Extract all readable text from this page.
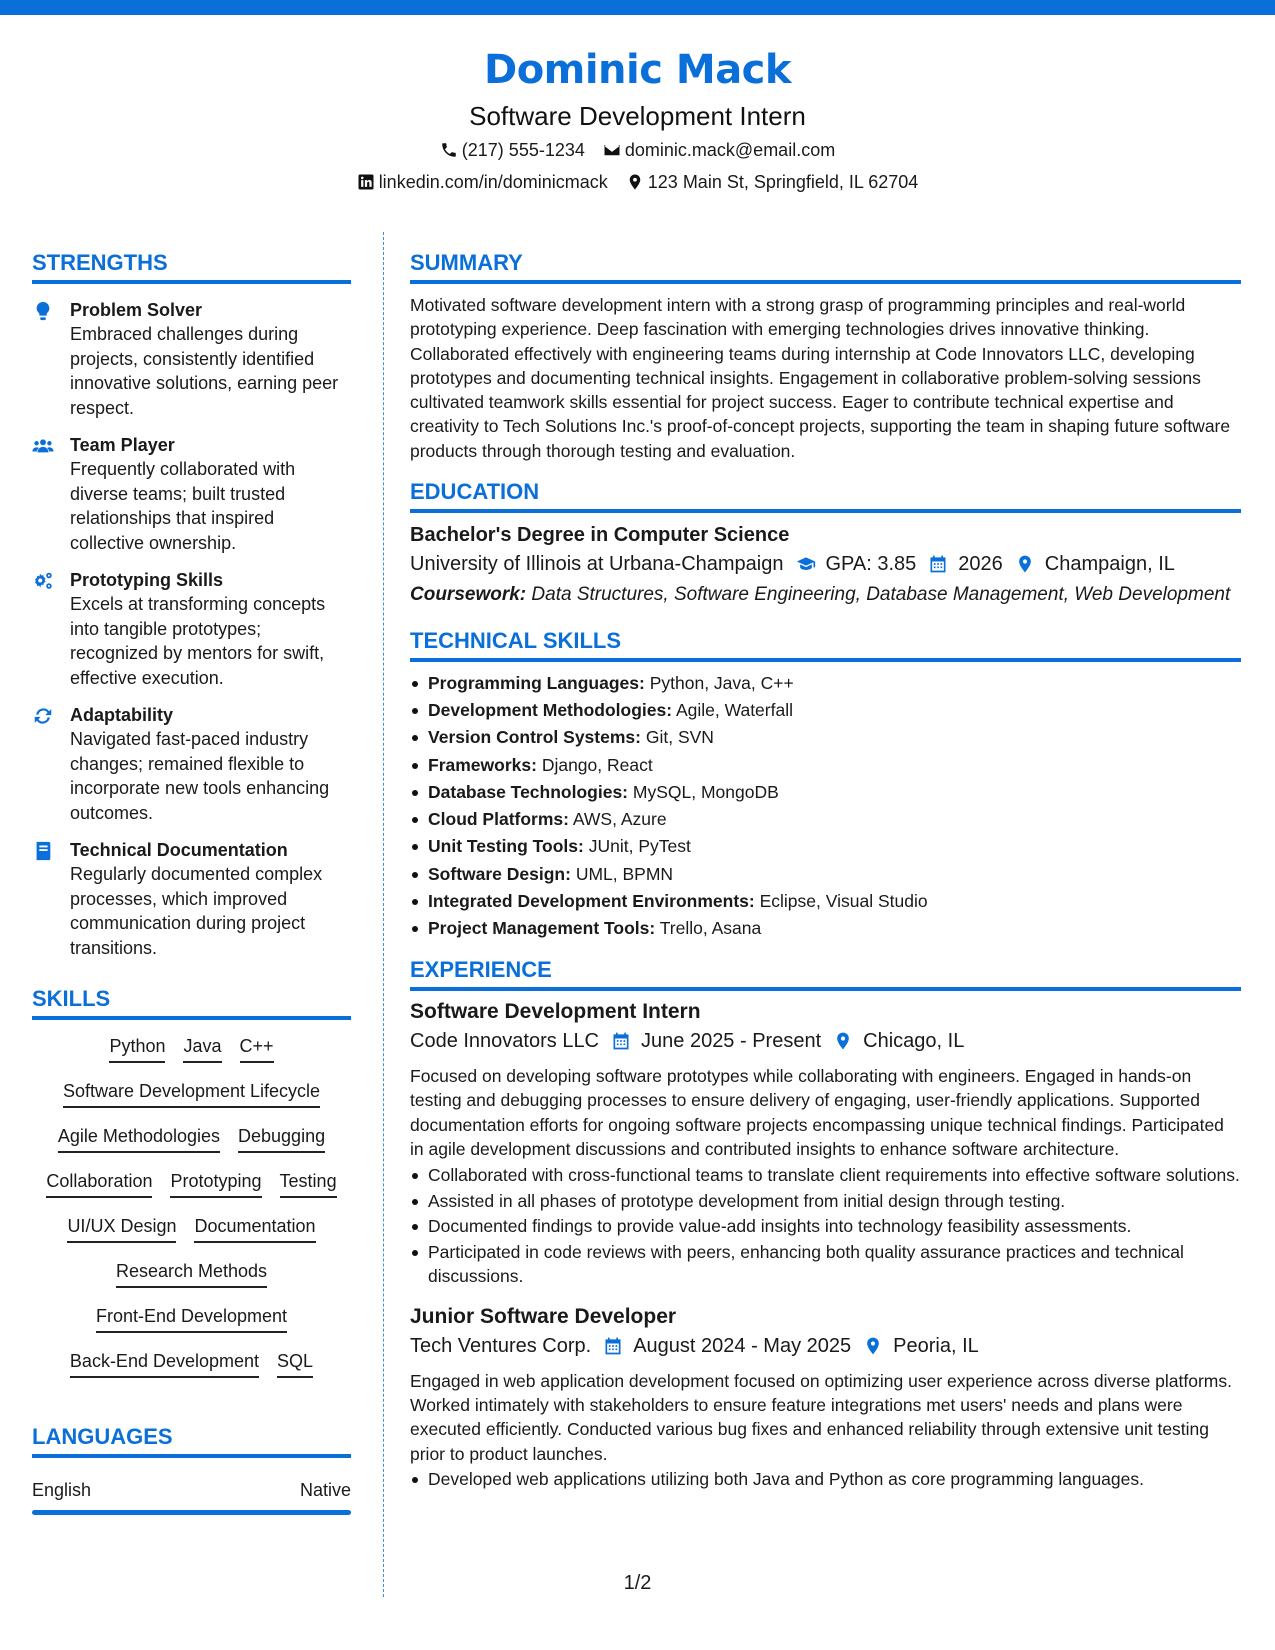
Dominic Mack
Software Development Intern
(217) 555-1234 dominic.mack@email.com
linkedin.com/in/dominicmack 123 Main St, Springfield, IL 62704
STRENGTHS
Problem Solver
Embraced challenges during projects, consistently identified innovative solutions, earning peer respect.
Team Player
Frequently collaborated with diverse teams; built trusted relationships that inspired collective ownership.
Prototyping Skills
Excels at transforming concepts into tangible prototypes; recognized by mentors for swift, effective execution.
Adaptability
Navigated fast-paced industry changes; remained flexible to incorporate new tools enhancing outcomes.
Technical Documentation
Regularly documented complex processes, which improved communication during project transitions.
SKILLS
Python Java C++
Software Development Lifecycle
Agile Methodologies Debugging
Collaboration Prototyping Testing
UI/UX Design Documentation
Research Methods
Front-End Development
Back-End Development SQL
LANGUAGES
English	Native
SUMMARY
Motivated software development intern with a strong grasp of programming principles and real-world prototyping experience. Deep fascination with emerging technologies drives innovative thinking. Collaborated effectively with engineering teams during internship at Code Innovators LLC, developing prototypes and documenting technical insights. Engagement in collaborative problem-solving sessions cultivated teamwork skills essential for project success. Eager to contribute technical expertise and creativity to Tech Solutions Inc.'s proof-of-concept projects, supporting the team in shaping future software products through thorough testing and evaluation.
EDUCATION
Bachelor's Degree in Computer Science
University of Illinois at Urbana-Champaign GPA: 3.85 2026 Champaign, IL
Coursework: Data Structures, Software Engineering, Database Management, Web Development
TECHNICAL SKILLS
Programming Languages: Python, Java, C++
Development Methodologies: Agile, Waterfall
Version Control Systems: Git, SVN
Frameworks: Django, React
Database Technologies: MySQL, MongoDB
Cloud Platforms: AWS, Azure
Unit Testing Tools: JUnit, PyTest
Software Design: UML, BPMN
Integrated Development Environments: Eclipse, Visual Studio
Project Management Tools: Trello, Asana
EXPERIENCE
Software Development Intern
Code Innovators LLC June 2025 - Present Chicago, IL
Focused on developing software prototypes while collaborating with engineers. Engaged in hands-on testing and debugging processes to ensure delivery of engaging, user-friendly applications. Supported documentation efforts for ongoing software projects encompassing unique technical findings. Participated in agile development discussions and contributed insights to enhance software architecture.
Collaborated with cross-functional teams to translate client requirements into effective software solutions.
Assisted in all phases of prototype development from initial design through testing.
Documented findings to provide value-add insights into technology feasibility assessments.
Participated in code reviews with peers, enhancing both quality assurance practices and technical discussions.
Junior Software Developer
Tech Ventures Corp. August 2024 - May 2025 Peoria, IL
Engaged in web application development focused on optimizing user experience across diverse platforms. Worked intimately with stakeholders to ensure feature integrations met users' needs and plans were executed efficiently. Conducted various bug fixes and enhanced reliability through extensive unit testing prior to product launches.
Developed web applications utilizing both Java and Python as core programming languages.
1/2
